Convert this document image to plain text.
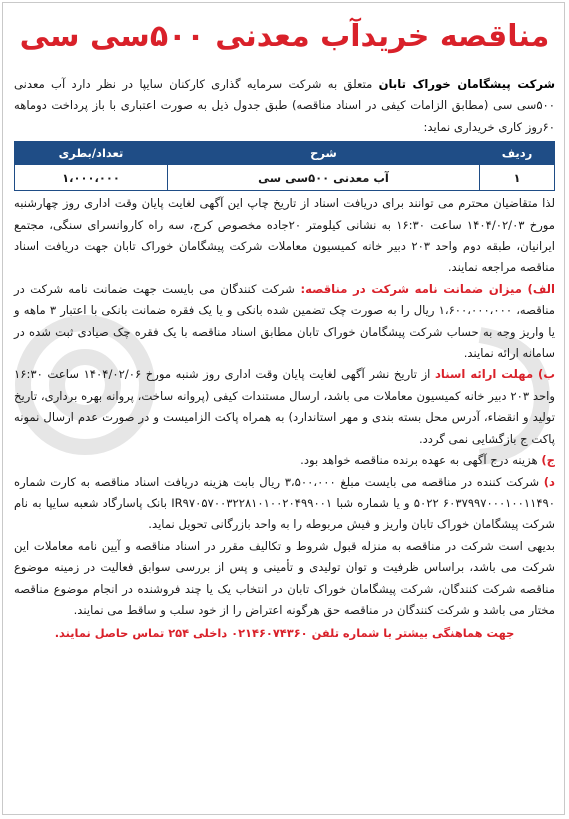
مناقصه خریدآب معدنی ۵۰۰سی سی

شرکت پیشگامان خوراک تابان متعلق به شرکت سرمایه گذاری کارکنان سایپا در نظر دارد آب معدنی ۵۰۰سی سی (مطابق الزامات کیفی در اسناد مناقصه) طبق جدول ذیل به صورت اعتباری با باز پرداخت دوماهه ۶۰روز کاری خریداری نماید:

ردیف	شرح	تعداد/بطری
۱	آب معدنی ۵۰۰سی سی	۱،۰۰۰،۰۰۰

لذا متقاضیان محترم می توانند برای دریافت اسناد از تاریخ چاپ این آگهی لغایت پایان وقت اداری روز چهارشنبه مورخ ۱۴۰۴/۰۲/۰۳ ساعت ۱۶:۳۰ به نشانی کیلومتر ۲۰جاده مخصوص کرج، سه راه کاروانسرای سنگی، مجتمع ایرانیان، طبقه دوم واحد ۲۰۳ دبیر خانه کمیسیون معاملات شرکت پیشگامان خوراک تابان جهت دریافت اسناد مناقصه مراجعه نمایند.

الف) میزان ضمانت نامه شرکت در مناقصه: شرکت کنندگان می بایست جهت ضمانت نامه شرکت در مناقصه، ۱،۶۰۰،۰۰۰،۰۰۰ ریال را به صورت چک تضمین شده بانکی و یا یک فقره ضمانت بانکی با اعتبار ۳ ماهه و یا واریز وجه به حساب شرکت پیشگامان خوراک تابان مطابق اسناد مناقصه با یک فقره چک صیادی ثبت شده در سامانه ارائه نمایند.

ب) مهلت ارائه اسناد از تاریخ نشر آگهی لغایت پایان وقت اداری روز شنبه مورخ ۱۴۰۴/۰۲/۰۶ ساعت ۱۶:۳۰ واحد ۲۰۳ دبیر خانه کمیسیون معاملات می باشد، ارسال مستندات کیفی (پروانه ساخت، پروانه بهره برداری، تاریخ تولید و انقضاء، آدرس محل بسته بندی و مهر استاندارد) به همراه پاکت الزامیست و در صورت عدم ارسال نمونه پاکت ج بازگشایی نمی گردد.

ج) هزینه درج آگهی به عهده برنده مناقصه خواهد بود.

د) شرکت کننده در مناقصه می بایست مبلغ ۳،۵۰۰،۰۰۰ ریال بابت هزینه دریافت اسناد مناقصه به کارت شماره ۶۰۳۷۹۹۷۰۰۰۱۰۰۱۱۴۹۰ ۵۰۲۲ و یا شماره شبا IR۹۷۰۵۷۰۰۳۲۲۸۱۰۱۰۰۲۰۴۹۹۰۰۱ بانک پاسارگاد شعبه سایپا به نام شرکت پیشگامان خوراک تابان واریز و فیش مربوطه را به واحد بازرگانی تحویل نماید.

بدیهی است شرکت در مناقصه به منزله قبول شروط و تکالیف مقرر در اسناد مناقصه و آیین نامه معاملات این شرکت می باشد، براساس ظرفیت و توان تولیدی و تأمینی و پس از بررسی سوابق فعالیت در زمینه موضوع مناقصه شرکت کنندگان، شرکت پیشگامان خوراک تابان در انتخاب یک یا چند فروشنده در انجام موضوع مناقصه مختار می باشد و شرکت کنندگان در مناقصه حق هرگونه اعتراض را از خود سلب و ساقط می نمایند.

جهت هماهنگی بیشتر با شماره تلفن ۰۲۱۴۶۰۷۴۳۶۰ داخلی ۲۵۴ تماس حاصل نمایند.
